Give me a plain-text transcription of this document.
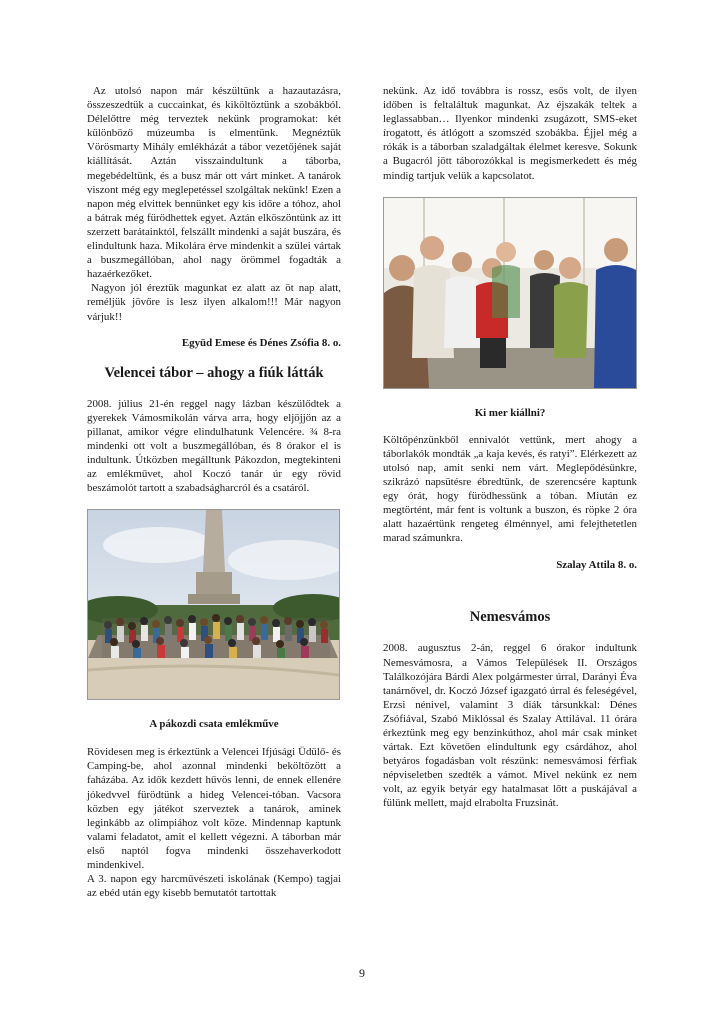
Az utolsó napon már készültünk a hazautazásra, összeszedtük a cuccainkat, és kiköltöztünk a szobákból. Délelőttre még terveztek nekünk programokat: két különböző múzeumba is elmentünk. Megnéztük Vörösmarty Mihály emlékházát a tábor vezetőjének saját kiállítását. Aztán visszaindultunk a táborba, megebédeltünk, és a busz már ott várt minket. A tanárok viszont még egy meglepetéssel szolgáltak nekünk! Ezen a napon még elvittek bennünket egy kis időre a tóhoz, ahol a bátrak még fürödhettek egyet. Aztán elköszöntünk az itt szerzett barátainktól, felszállt mindenki a saját buszára, és elindultunk haza. Mikolára érve mindenkit a szülei vártak a buszmegállóban, ahol nagy örömmel fogadták a hazaérkezőket.

Nagyon jól éreztük magunkat ez alatt az öt nap alatt, reméljük jövőre is lesz ilyen alkalom!!! Már nagyon várjuk!!

Együd Emese és Dénes Zsófia 8. o.

Velencei tábor – ahogy a fiúk látták

2008. július 21-én reggel nagy lázban készülődtek a gyerekek Vámosmikolán várva arra, hogy eljöjjön az a pillanat, amikor végre elindulhatunk Velencére. ¾ 8-ra mindenki ott volt a buszmegállóban, és 8 órakor el is indultunk. Útközben megálltunk Pákozdon, megtekinteni az emlékművet, ahol Koczó tanár úr egy rövid beszámolót tartott a szabadságharcról és a csatáról.

A pákozdi csata emlékműve

Rövidesen meg is érkeztünk a Velencei Ifjúsági Üdülő- és Camping-be, ahol azonnal mindenki beköltözött a faházába. Az idők kezdett hűvös lenni, de ennek ellenére jókedvvel fürödtünk a hideg Velencei-tóban. Vacsora közben egy játékot szerveztek a tanárok, aminek leginkább az olimpiához volt köze. Mindennap kaptunk valami feladatot, amit el kellett végezni. A táborban már első naptól fogva mindenki összehaverkodott mindenkivel.

A 3. napon egy harcművészeti iskolának (Kempo) tagjai az ebéd után egy kisebb bemutatót tartottak

nekünk. Az idő továbbra is rossz, esős volt, de ilyen időben is feltaláltuk magunkat. Az éjszakák teltek a leglassabban… Ilyenkor mindenki zsugázott, SMS-eket írogatott, és átlógott a szomszéd szobákba. Éjjel még a rókák is a táborban szaladgáltak élelmet keresve. Sokunk a Bugacról jött táborozókkal is megismerkedett és még mindig tartjuk velük a kapcsolatot.

Ki mer kiállni?

Költőpénzünkből ennivalót vettünk, mert ahogy a táborlakók mondták „a kaja kevés, és ratyi”. Elérkezett az utolsó nap, amit senki nem várt. Meglepődésünkre, szikrázó napsütésre ébredtünk, de szerencsére kaptunk egy órát, hogy fürödhessünk a tóban. Miután ez megtörtént, már fent is voltunk a buszon, és röpke 2 óra alatt hazaértünk rengeteg élménnyel, ami felejthetetlen marad számunkra.

Szalay Attila 8. o.

Nemesvámos

2008. augusztus 2-án, reggel 6 órakor indultunk Nemesvámosra, a Vámos Települések II. Országos Találkozójára Bárdi Alex polgármester úrral, Darányi Éva tanárnővel, dr. Koczó József igazgató úrral és feleségével, Erzsi nénivel, valamint 3 diák társunkkal: Dénes Zsófiával, Szabó Miklóssal és Szalay Attilával. 11 órára érkeztünk meg egy benzinkúthoz, ahol már csak minket vártak. Ezt követően elindultunk egy csárdához, ahol betyáros fogadásban volt részünk: nemesvámosi férfiak népviseletben szedték a vámot. Mivel nekünk ez nem volt, az egyik betyár egy hatalmasat lőtt a puskájával a fülünk mellett, majd elrabolta Fruzsinát.

9
